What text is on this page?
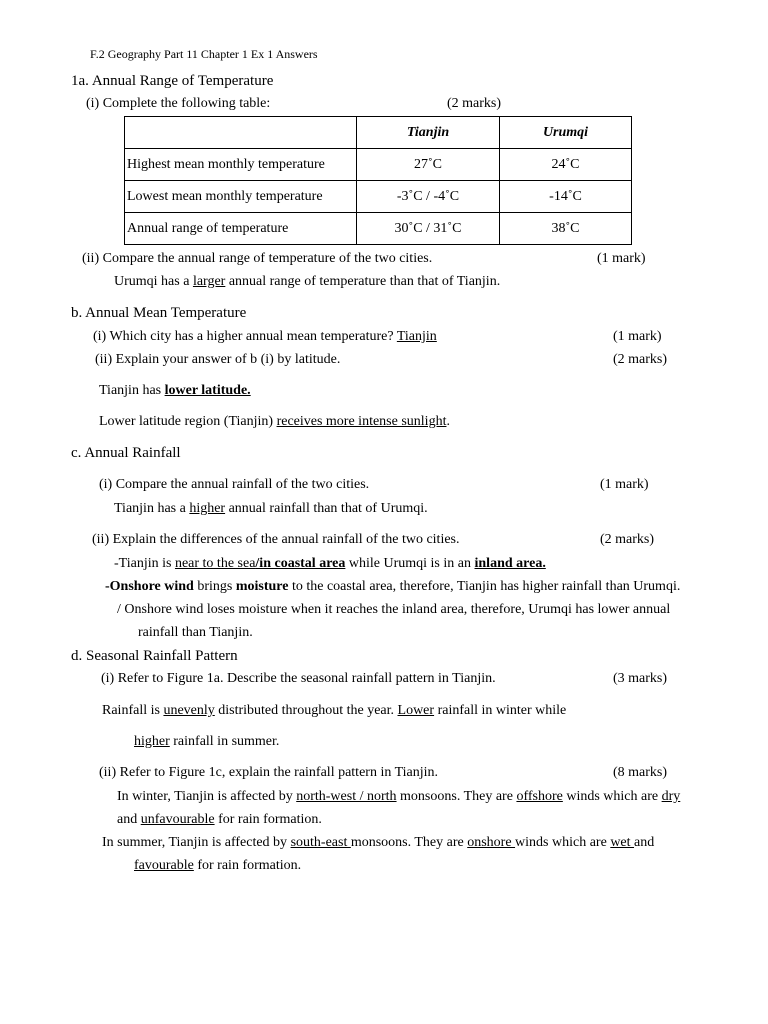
F.2 Geography Part 11 Chapter 1 Ex 1 Answers
1a. Annual Range of Temperature
(i) Complete the following table:	(2 marks)
	Tianjin	Urumqi
Highest mean monthly temperature	27˚C	24˚C
Lowest mean monthly temperature	-3˚C / -4˚C	-14˚C
Annual range of temperature	30˚C / 31˚C	38˚C
(ii) Compare the annual range of temperature of the two cities.	(1 mark)
Urumqi has a larger annual range of temperature than that of Tianjin.
b. Annual Mean Temperature
(i) Which city has a higher annual mean temperature? Tianjin	(1 mark)
(ii) Explain your answer of b (i) by latitude.	(2 marks)
Tianjin has lower latitude.
Lower latitude region (Tianjin) receives more intense sunlight.
c. Annual Rainfall
(i) Compare the annual rainfall of the two cities.	(1 mark)
Tianjin has a higher annual rainfall than that of Urumqi.
(ii) Explain the differences of the annual rainfall of the two cities.	(2 marks)
-Tianjin is near to the sea/in coastal area while Urumqi is in an inland area.
-Onshore wind brings moisture to the coastal area, therefore, Tianjin has higher rainfall than Urumqi.
/ Onshore wind loses moisture when it reaches the inland area, therefore, Urumqi has lower annual
rainfall than Tianjin.
d. Seasonal Rainfall Pattern
(i) Refer to Figure 1a. Describe the seasonal rainfall pattern in Tianjin.	(3 marks)
Rainfall is unevenly distributed throughout the year. Lower rainfall in winter while
higher rainfall in summer.
(ii) Refer to Figure 1c, explain the rainfall pattern in Tianjin.	(8 marks)
In winter, Tianjin is affected by north-west / north monsoons. They are offshore winds which are dry
and unfavourable for rain formation.
In summer, Tianjin is affected by south-east monsoons. They are onshore winds which are wet and
favourable for rain formation.
